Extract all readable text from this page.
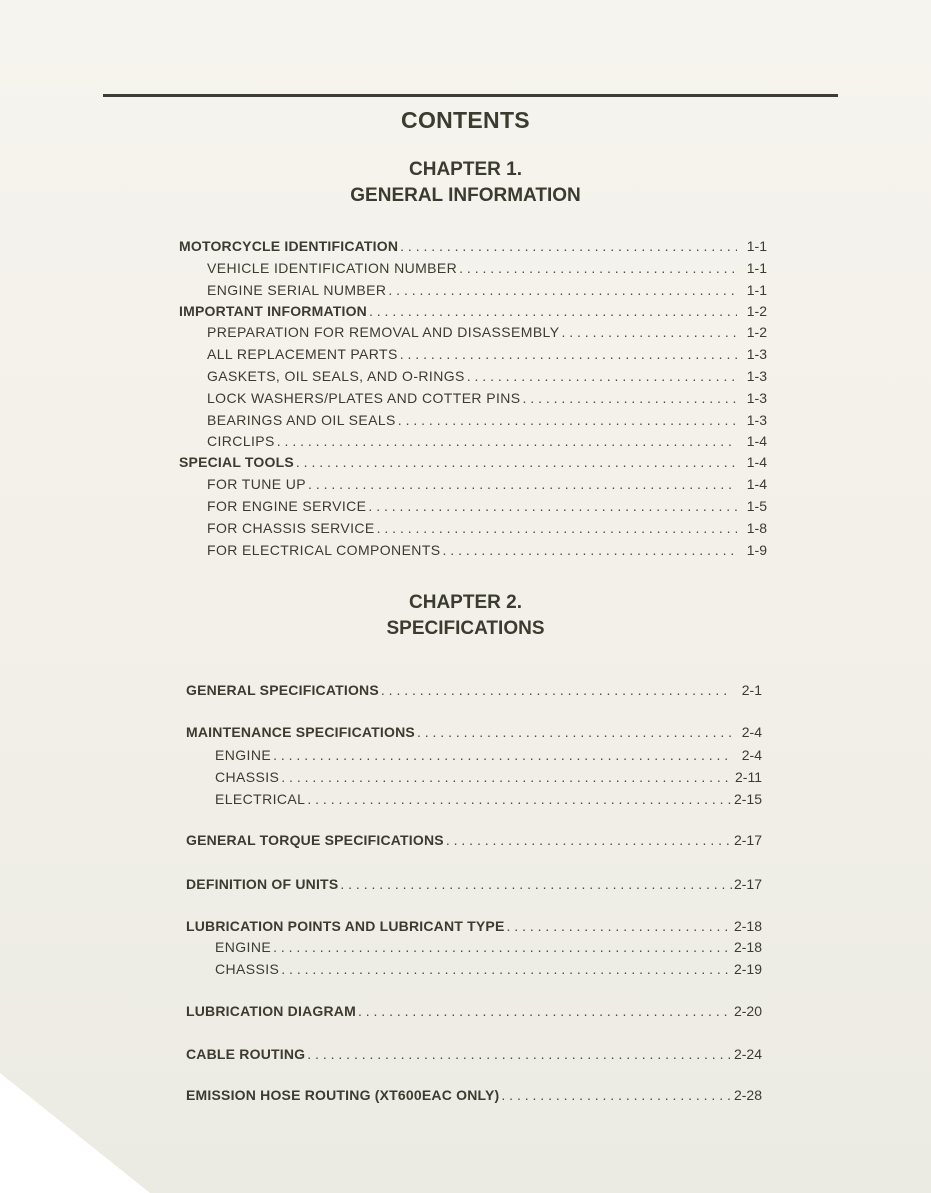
CONTENTS
CHAPTER 1.
GENERAL INFORMATION
CHAPTER 2.
SPECIFICATIONS
MOTORCYCLE IDENTIFICATION . . .	1-1
VEHICLE IDENTIFICATION NUMBER . . .	1-1
ENGINE SERIAL NUMBER . . .	1-1
IMPORTANT INFORMATION . . .	1-2
PREPARATION FOR REMOVAL AND DISASSEMBLY . . .	1-2
ALL REPLACEMENT PARTS . . .	1-3
GASKETS, OIL SEALS, AND O-RINGS . . .	1-3
LOCK WASHERS/PLATES AND COTTER PINS . . .	1-3
BEARINGS AND OIL SEALS . . .	1-3
CIRCLIPS . . .	1-4
SPECIAL TOOLS . . .	1-4
FOR TUNE UP . . .	1-4
FOR ENGINE SERVICE . . .	1-5
FOR CHASSIS SERVICE . . .	1-8
FOR ELECTRICAL COMPONENTS . . .	1-9
GENERAL SPECIFICATIONS . . .	2-1
MAINTENANCE SPECIFICATIONS . . .	2-4
ENGINE . . .	2-4
CHASSIS . . .	2-11
ELECTRICAL . . .	2-15
GENERAL TORQUE SPECIFICATIONS . . .	2-17
DEFINITION OF UNITS . . .	2-17
LUBRICATION POINTS AND LUBRICANT TYPE . . .	2-18
ENGINE . . .	2-18
CHASSIS . . .	2-19
LUBRICATION DIAGRAM . . .	2-20
CABLE ROUTING . . .	2-24
EMISSION HOSE ROUTING (XT600EAC ONLY) . . .	2-28
